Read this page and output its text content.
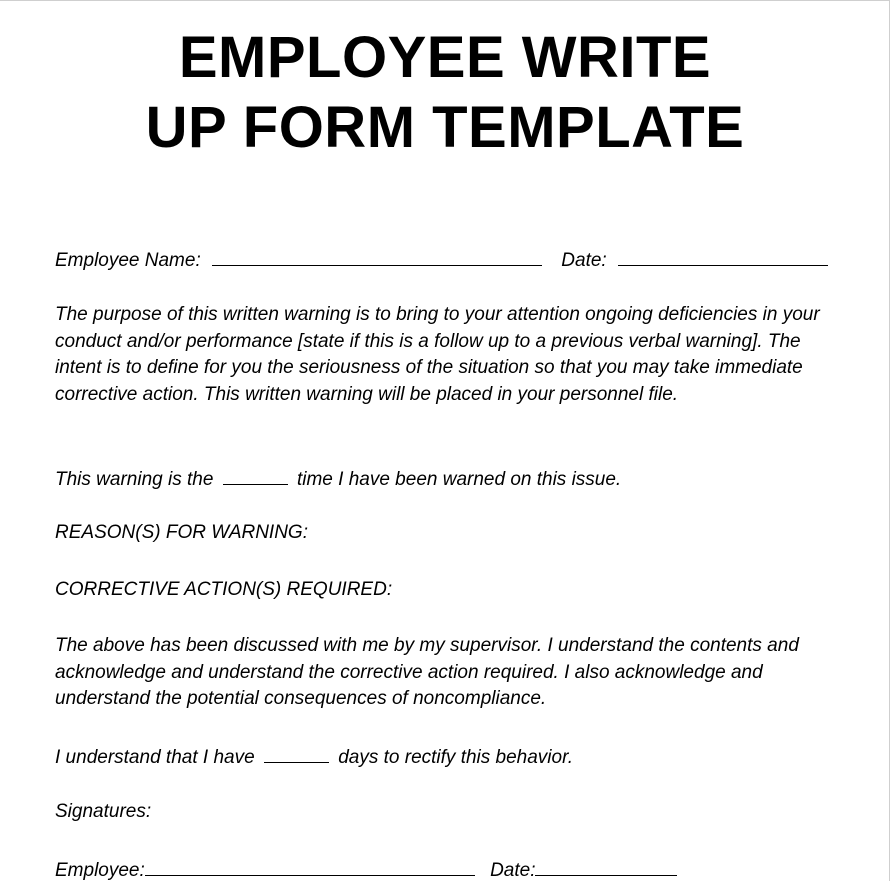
EMPLOYEE WRITE
UP FORM TEMPLATE

Employee Name:	Date:

The purpose of this written warning is to bring to your attention ongoing deficiencies in your conduct and/or performance [state if this is a follow up to a previous verbal warning]. The intent is to define for you the seriousness of the situation so that you may take immediate corrective action. This written warning will be placed in your personnel file.

This warning is the	time I have been warned on this issue.

REASON(S) FOR WARNING:

CORRECTIVE ACTION(S) REQUIRED:

The above has been discussed with me by my supervisor. I understand the contents and acknowledge and understand the corrective action required. I also acknowledge and understand the potential consequences of noncompliance.

I understand that I have	days to rectify this behavior.

Signatures:

Employee:	Date:
